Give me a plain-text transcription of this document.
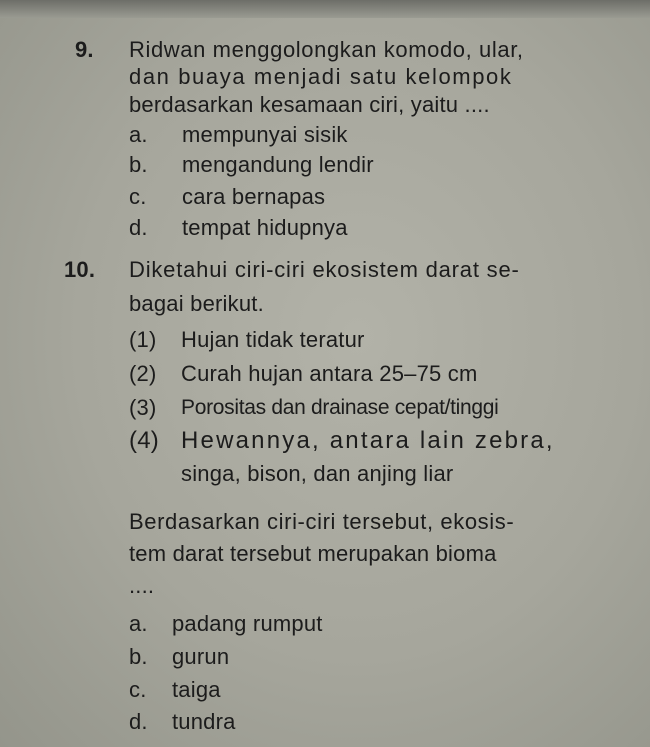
9. Ridwan menggolongkan komodo, ular,
dan buaya menjadi satu kelompok
berdasarkan kesamaan ciri, yaitu ....
a. mempunyai sisik
b. mengandung lendir
c. cara bernapas
d. tempat hidupnya
10. Diketahui ciri-ciri ekosistem darat se-
bagai berikut.
(1) Hujan tidak teratur
(2) Curah hujan antara 25–75 cm
(3) Porositas dan drainase cepat/tinggi
(4) Hewannya, antara lain zebra,
singa, bison, dan anjing liar
Berdasarkan ciri-ciri tersebut, ekosis-
tem darat tersebut merupakan bioma
....
a. padang rumput
b. gurun
c. taiga
d. tundra
